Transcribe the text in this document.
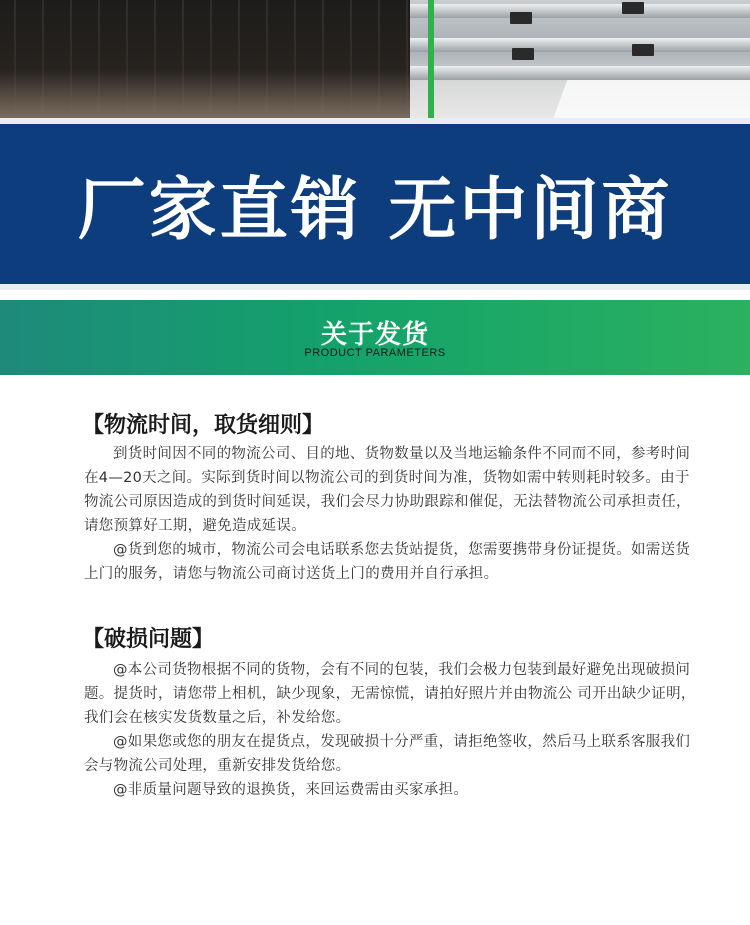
厂家直销 无中间商
关于发货
PRODUCT PARAMETERS
【物流时间，取货细则】

到货时间因不同的物流公司、目的地、货物数量以及当地运输条件不同而不同，参考时间在4—20天之间。实际到货时间以物流公司的到货时间为准，货物如需中转则耗时较多。由于物流公司原因造成的到货时间延误，我们会尽力协助跟踪和催促，无法替物流公司承担责任，请您预算好工期，避免造成延误。

@货到您的城市，物流公司会电话联系您去货站提货，您需要携带身份证提货。如需送货上门的服务，请您与物流公司商讨送货上门的费用并自行承担。

【破损问题】

@本公司货物根据不同的货物，会有不同的包装，我们会极力包装到最好避免出现破损问题。提货时，请您带上相机，缺少现象，无需惊慌，请拍好照片并由物流公 司开出缺少证明，我们会在核实发货数量之后，补发给您。

@如果您或您的朋友在提货点，发现破损十分严重，请拒绝签收，然后马上联系客服我们会与物流公司处理，重新安排发货给您。

@非质量问题导致的退换货，来回运费需由买家承担。
